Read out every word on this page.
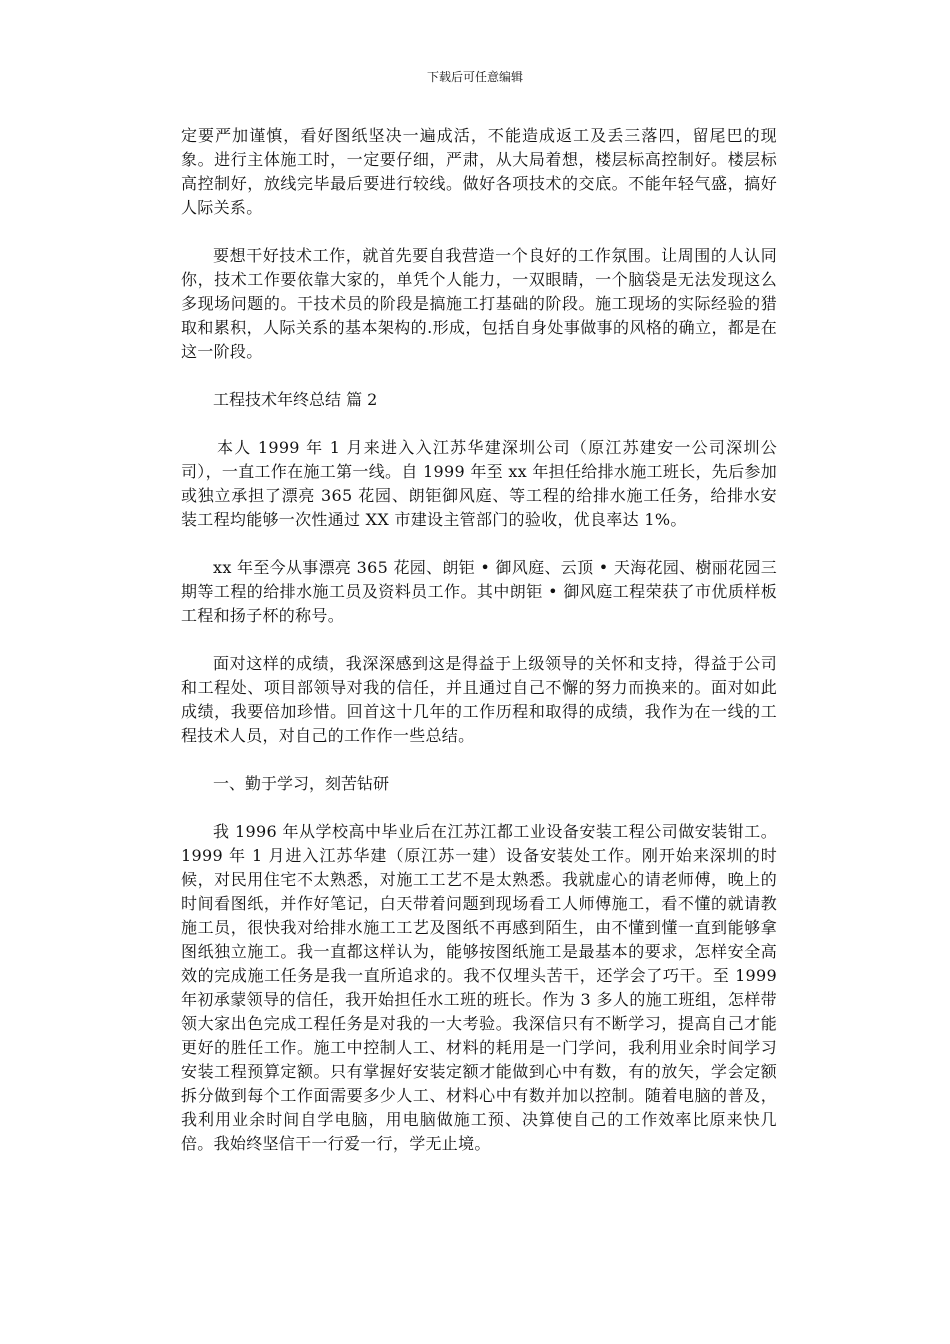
下载后可任意编辑

定要严加谨慎，看好图纸坚决一遍成活，不能造成返工及丢三落四，留尾巴的现象。进行主体施工时，一定要仔细，严肃，从大局着想，楼层标高控制好。楼层标高控制好，放线完毕最后要进行较线。做好各项技术的交底。不能年轻气盛，搞好人际关系。

要想干好技术工作，就首先要自我营造一个良好的工作氛围。让周围的人认同你，技术工作要依靠大家的，单凭个人能力，一双眼睛，一个脑袋是无法发现这么多现场问题的。干技术员的阶段是搞施工打基础的阶段。施工现场的实际经验的猎取和累积，人际关系的基本架构的.形成，包括自身处事做事的风格的确立，都是在这一阶段。

工程技术年终总结 篇 2

本人 1999 年 1 月来进入入江苏华建深圳公司（原江苏建安一公司深圳公司），一直工作在施工第一线。自 1999 年至 xx 年担任给排水施工班长，先后参加或独立承担了漂亮 365 花园、朗钜御风庭、等工程的给排水施工任务，给排水安装工程均能够一次性通过 XX 市建设主管部门的验收，优良率达 1%。

xx 年至今从事漂亮 365 花园、朗钜 • 御风庭、云顶 • 天海花园、樹丽花园三期等工程的给排水施工员及资料员工作。其中朗钜 • 御风庭工程荣获了市优质样板工程和扬子杯的称号。

面对这样的成绩，我深深感到这是得益于上级领导的关怀和支持，得益于公司和工程处、项目部领导对我的信任，并且通过自己不懈的努力而换来的。面对如此成绩，我要倍加珍惜。回首这十几年的工作历程和取得的成绩，我作为在一线的工程技术人员，对自己的工作作一些总结。

一、勤于学习，刻苦钻研

我 1996 年从学校高中毕业后在江苏江都工业设备安装工程公司做安装钳工。1999 年 1 月进入江苏华建（原江苏一建）设备安装处工作。刚开始来深圳的时候，对民用住宅不太熟悉，对施工工艺不是太熟悉。我就虚心的请老师傅，晚上的时间看图纸，并作好笔记，白天带着问题到现场看工人师傅施工，看不懂的就请教施工员，很快我对给排水施工工艺及图纸不再感到陌生，由不懂到懂一直到能够拿图纸独立施工。我一直都这样认为，能够按图纸施工是最基本的要求，怎样安全高效的完成施工任务是我一直所追求的。我不仅埋头苦干，还学会了巧干。至 1999 年初承蒙领导的信任，我开始担任水工班的班长。作为 3 多人的施工班组，怎样带领大家出色完成工程任务是对我的一大考验。我深信只有不断学习，提高自己才能更好的胜任工作。施工中控制人工、材料的耗用是一门学问，我利用业余时间学习安装工程预算定额。只有掌握好安装定额才能做到心中有数，有的放矢，学会定额拆分做到每个工作面需要多少人工、材料心中有数并加以控制。随着电脑的普及，我利用业余时间自学电脑，用电脑做施工预、决算使自己的工作效率比原来快几倍。我始终坚信干一行爱一行，学无止境。
